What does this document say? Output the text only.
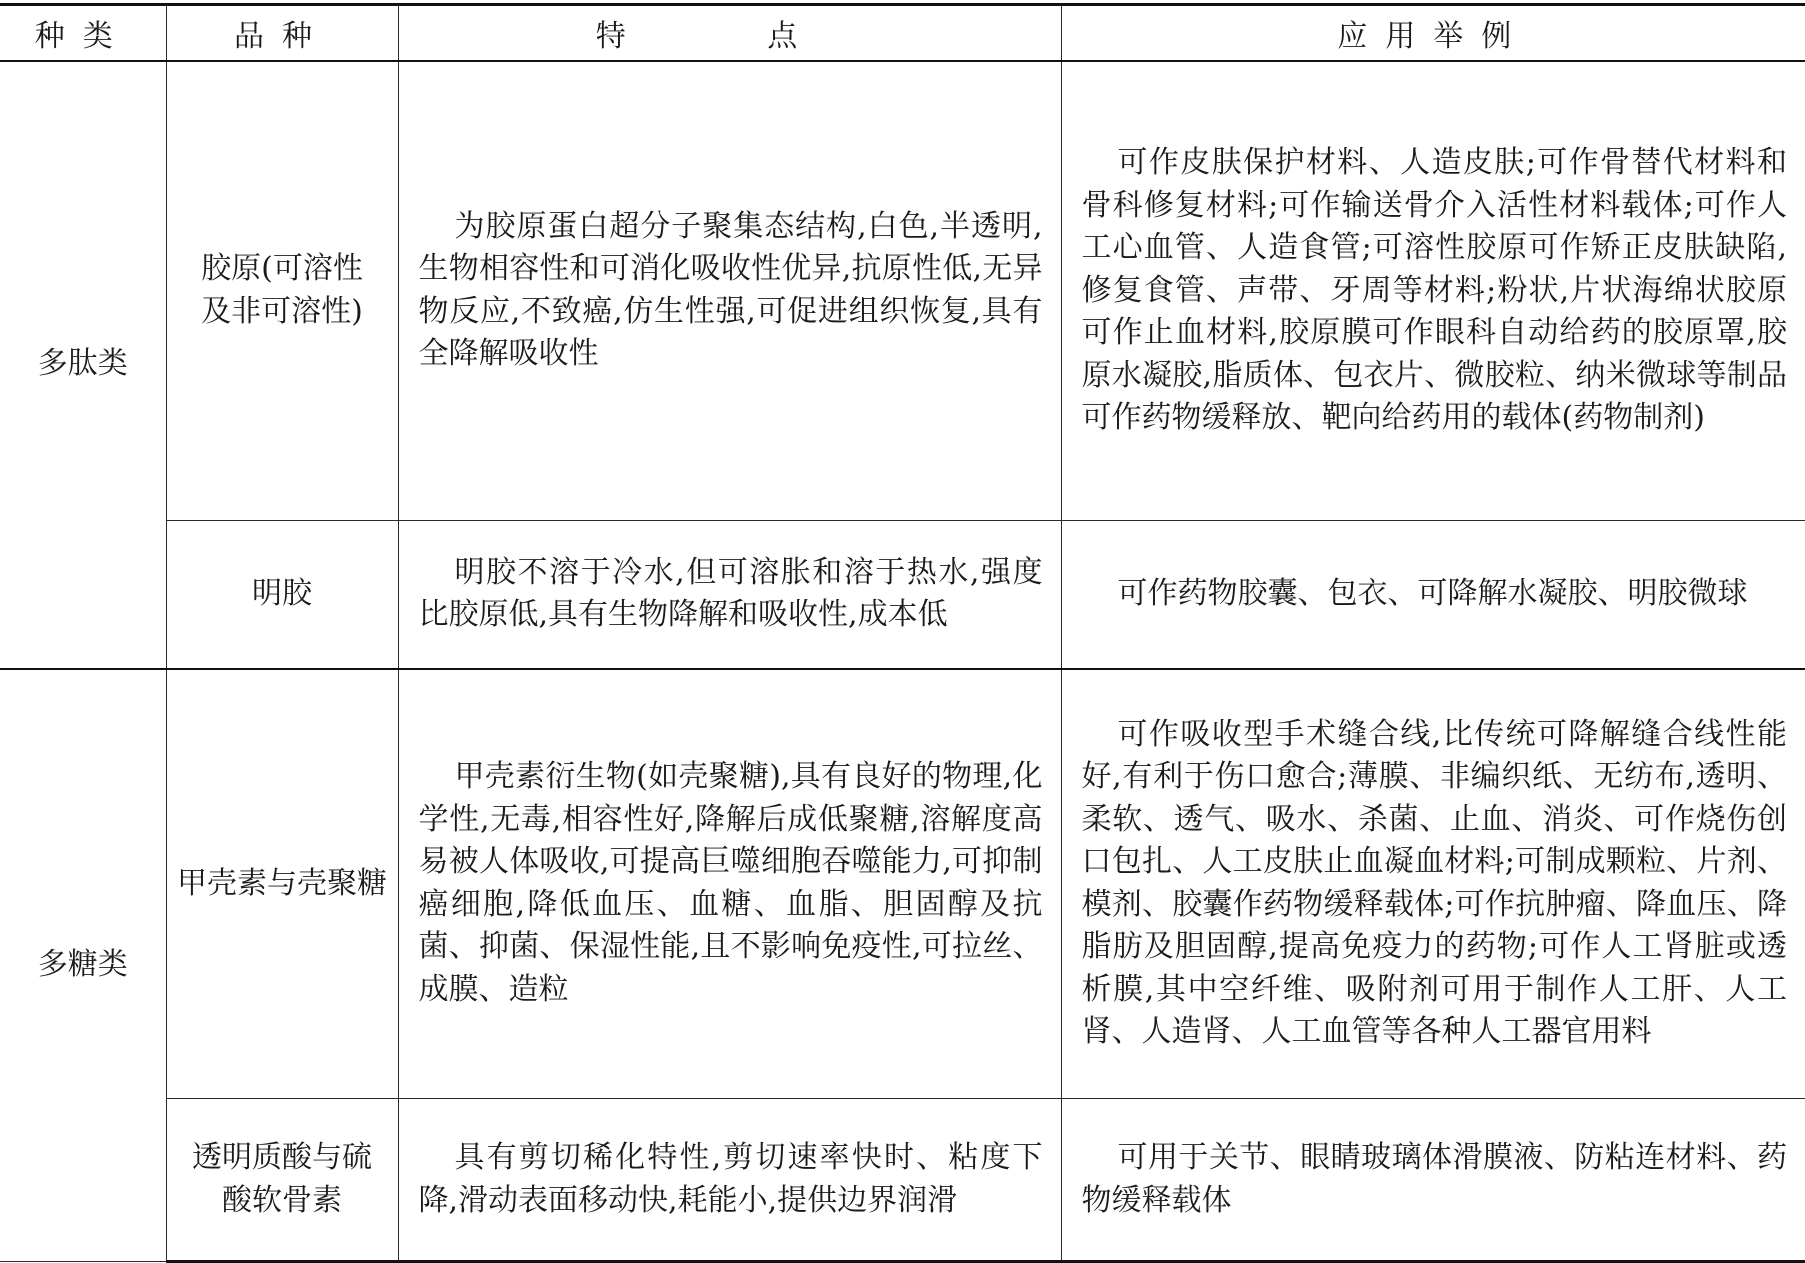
种类	品种	特 点	应用举例
多肽类	胶原(可溶性及非可溶性)	为胶原蛋白超分子聚集态结构,白色,半透明,生物相容性和可消化吸收性优异,抗原性低,无异物反应,不致癌,仿生性强,可促进组织恢复,具有全降解吸收性	可作皮肤保护材料、人造皮肤;可作骨替代材料和骨科修复材料;可作输送骨介入活性材料载体;可作人工心血管、人造食管;可溶性胶原可作矫正皮肤缺陷,修复食管、声带、牙周等材料;粉状,片状海绵状胶原可作止血材料,胶原膜可作眼科自动给药的胶原罩,胶原水凝胶,脂质体、包衣片、微胶粒、纳米微球等制品可作药物缓释放、靶向给药用的载体(药物制剂)

	明胶	明胶不溶于冷水,但可溶胀和溶于热水,强度比胶原低,具有生物降解和吸收性,成本低	可作药物胶囊、包衣、可降解水凝胶、明胶微球

多糖类	甲壳素与壳聚糖	甲壳素衍生物(如壳聚糖),具有良好的物理,化学性,无毒,相容性好,降解后成低聚糖,溶解度高易被人体吸收,可提高巨噬细胞吞噬能力,可抑制癌细胞,降低血压、血糖、血脂、胆固醇及抗菌、抑菌、保湿性能,且不影响免疫性,可拉丝、成膜、造粒	可作吸收型手术缝合线,比传统可降解缝合线性能好,有利于伤口愈合;薄膜、非编织纸、无纺布,透明、柔软、透气、吸水、杀菌、止血、消炎、可作烧伤创口包扎、人工皮肤止血凝血材料;可制成颗粒、片剂、模剂、胶囊作药物缓释载体;可作抗肿瘤、降血压、降脂肪及胆固醇,提高免疫力的药物;可作人工肾脏或透析膜,其中空纤维、吸附剂可用于制作人工肝、人工肾、人造肾、人工血管等各种人工器官用料

	透明质酸与硫酸软骨素	具有剪切稀化特性,剪切速率快时、粘度下降,滑动表面移动快,耗能小,提供边界润滑	可用于关节、眼睛玻璃体滑膜液、防粘连材料、药物缓释载体
